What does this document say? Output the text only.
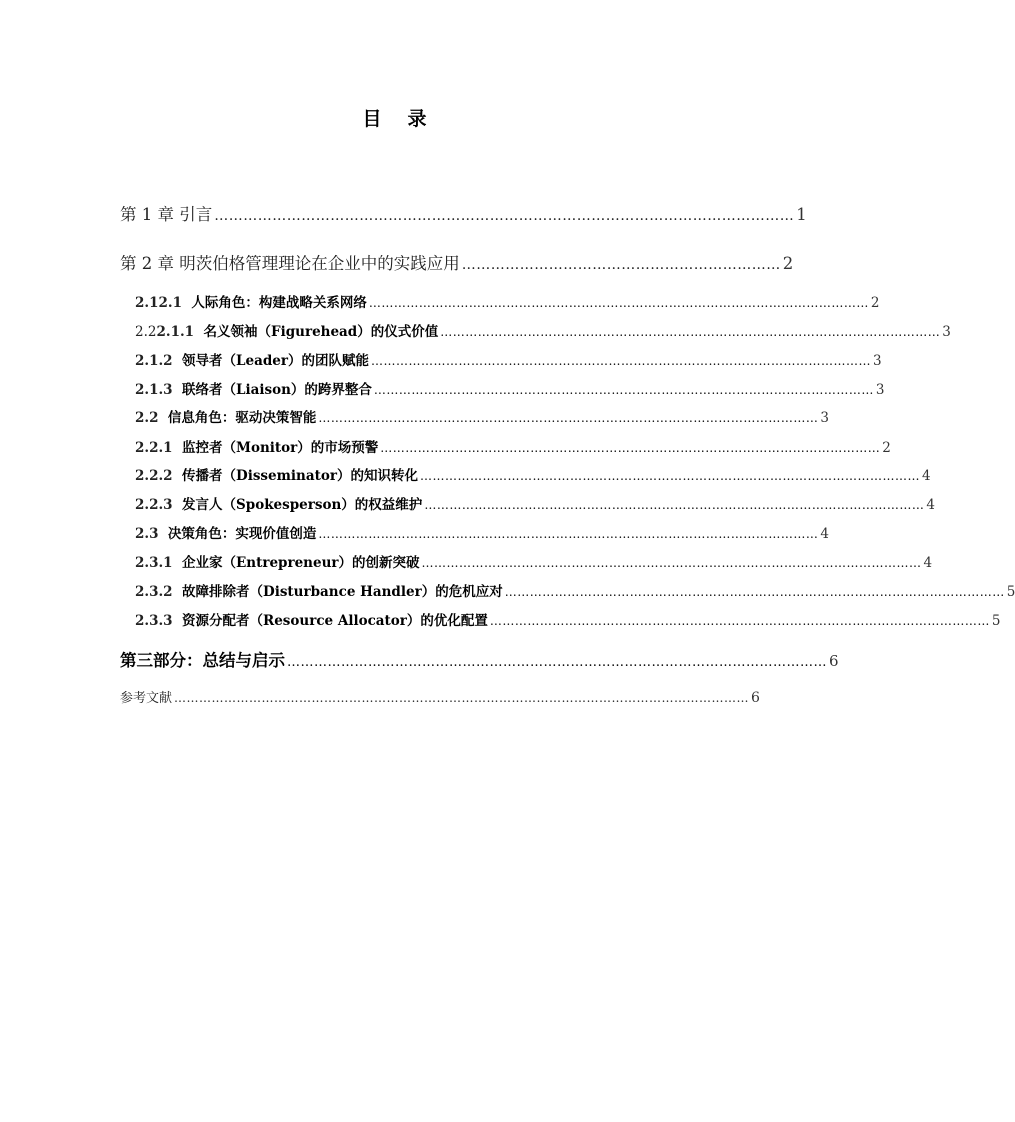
目 录
第 1 章 引言 ………………………………………………………………………………………………………… 1
第 2 章 明茨伯格管理理论在企业中的实践应用 ………………………………………………………… 2
2.12.1 人际角色：构建战略关系网络 ………………………………………………………………………………………………………… 2
2.22.1.1 名义领袖（Figurehead）的仪式价值 ………………………………………………………………………………………………………… 3
2.1.2 领导者（Leader）的团队赋能 ………………………………………………………………………………………………………… 3
2.1.3 联络者（Liaison）的跨界整合 ………………………………………………………………………………………………………… 3
2.2 信息角色：驱动决策智能 ………………………………………………………………………………………………………… 3
2.2.1 监控者（Monitor）的市场预警 ………………………………………………………………………………………………………… 2
2.2.2 传播者（Disseminator）的知识转化 ………………………………………………………………………………………………………… 4
2.2.3 发言人（Spokesperson）的权益维护 ………………………………………………………………………………………………………… 4
2.3 决策角色：实现价值创造 ………………………………………………………………………………………………………… 4
2.3.1 企业家（Entrepreneur）的创新突破 ………………………………………………………………………………………………………… 4
2.3.2 故障排除者（Disturbance Handler）的危机应对 ………………………………………………………………………………………………………… 5
2.3.3 资源分配者（Resource Allocator）的优化配置 ………………………………………………………………………………………………………… 5
第三部分：总结与启示 ………………………………………………………………………………………………………… 6
参考文献 ………………………………………………………………………………………………………………………… 6
